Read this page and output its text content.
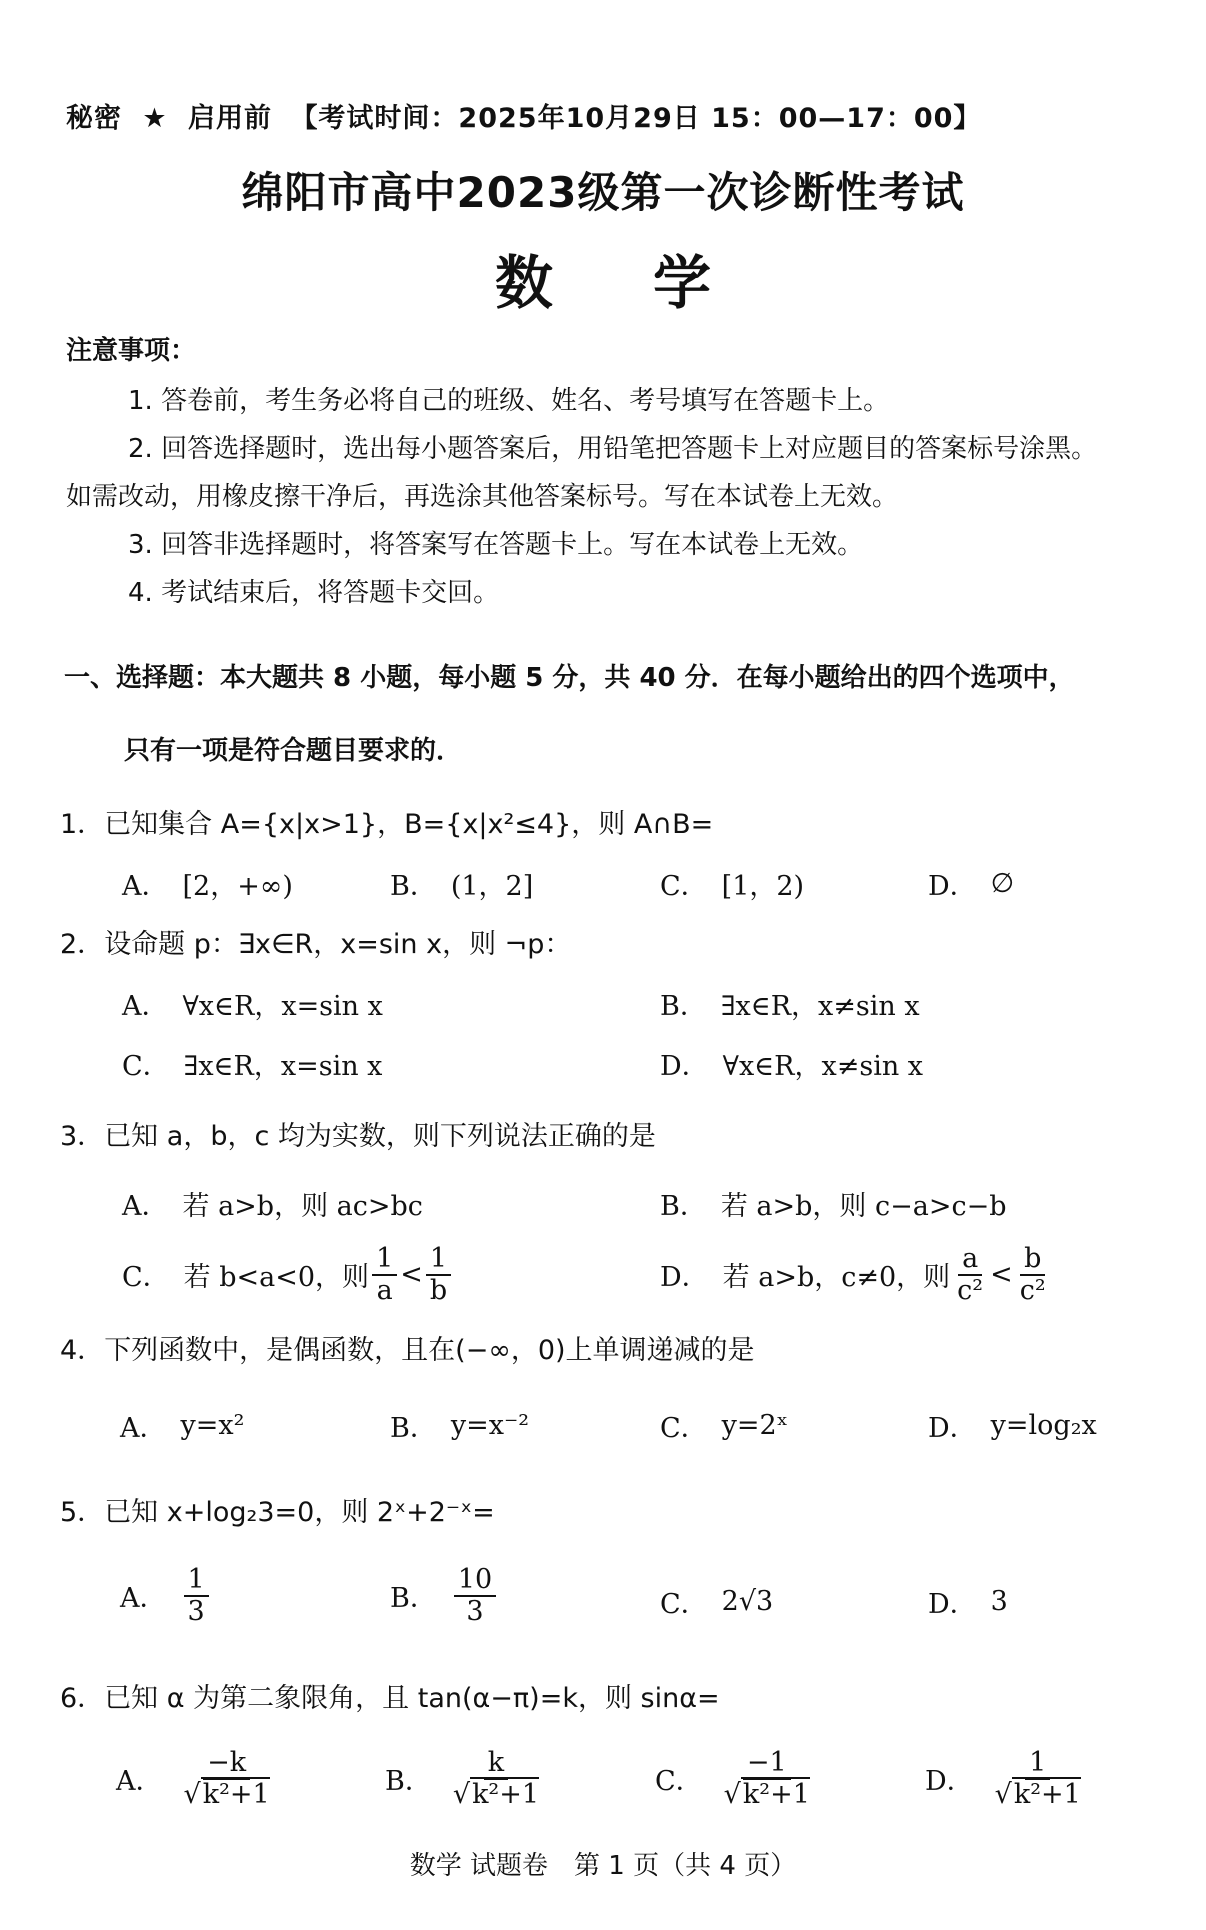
秘密 ★ 启用前 【考试时间：2025年10月29日 15：00—17：00】
绵阳市高中2023级第一次诊断性考试
数学
注意事项：
1. 答卷前，考生务必将自己的班级、姓名、考号填写在答题卡上。
2. 回答选择题时，选出每小题答案后，用铅笔把答题卡上对应题目的答案标号涂黑。
如需改动，用橡皮擦干净后，再选涂其他答案标号。写在本试卷上无效。
3. 回答非选择题时，将答案写在答题卡上。写在本试卷上无效。
4. 考试结束后，将答题卡交回。
一、选择题：本大题共 8 小题，每小题 5 分，共 40 分．在每小题给出的四个选项中，
只有一项是符合题目要求的．
1．已知集合 A={x|x>1}，B={x|x²≤4}，则 A∩B=
A． [2，+∞)	B． (1，2]	C． [1，2)	D． ∅
2．设命题 p：∃x∈R，x=sin x，则 ¬p：
A． ∀x∈R，x=sin x	B． ∃x∈R，x≠sin x
C． ∃x∈R，x=sin x	D． ∀x∈R，x≠sin x
3．已知 a，b，c 均为实数，则下列说法正确的是
A． 若 a>b，则 ac>bc	B． 若 a>b，则 c−a>c−b
C． 若 b<a<0，则 $\frac{1}{a} < \frac{1}{b}$	D． 若 a>b，c≠0，则 $\frac{a}{\text{c²}} < \frac{b}{\text{c²}}$
4．下列函数中，是偶函数，且在(−∞，0)上单调递减的是
A． y=x²	B． y=x⁻²	C． y=2ˣ	D． y=log₂x
5．已知 x+log₂3=0，则 2ˣ+2⁻ˣ=
A． $\frac{1}{3}$	B． $\frac{10}{3}$	C． 2√3	D． 3
6．已知 α 为第二象限角，且 tan(α−π)=k，则 sinα=
A． $\frac{-k}{\text{√k²+1}}$	B． $\frac{k}{\text{√k²+1}}$	C． $\frac{-1}{\text{√k²+1}}$	D． $\frac{1}{\text{√k²+1}}$
数学 试题卷　第 1 页（共 4 页）
